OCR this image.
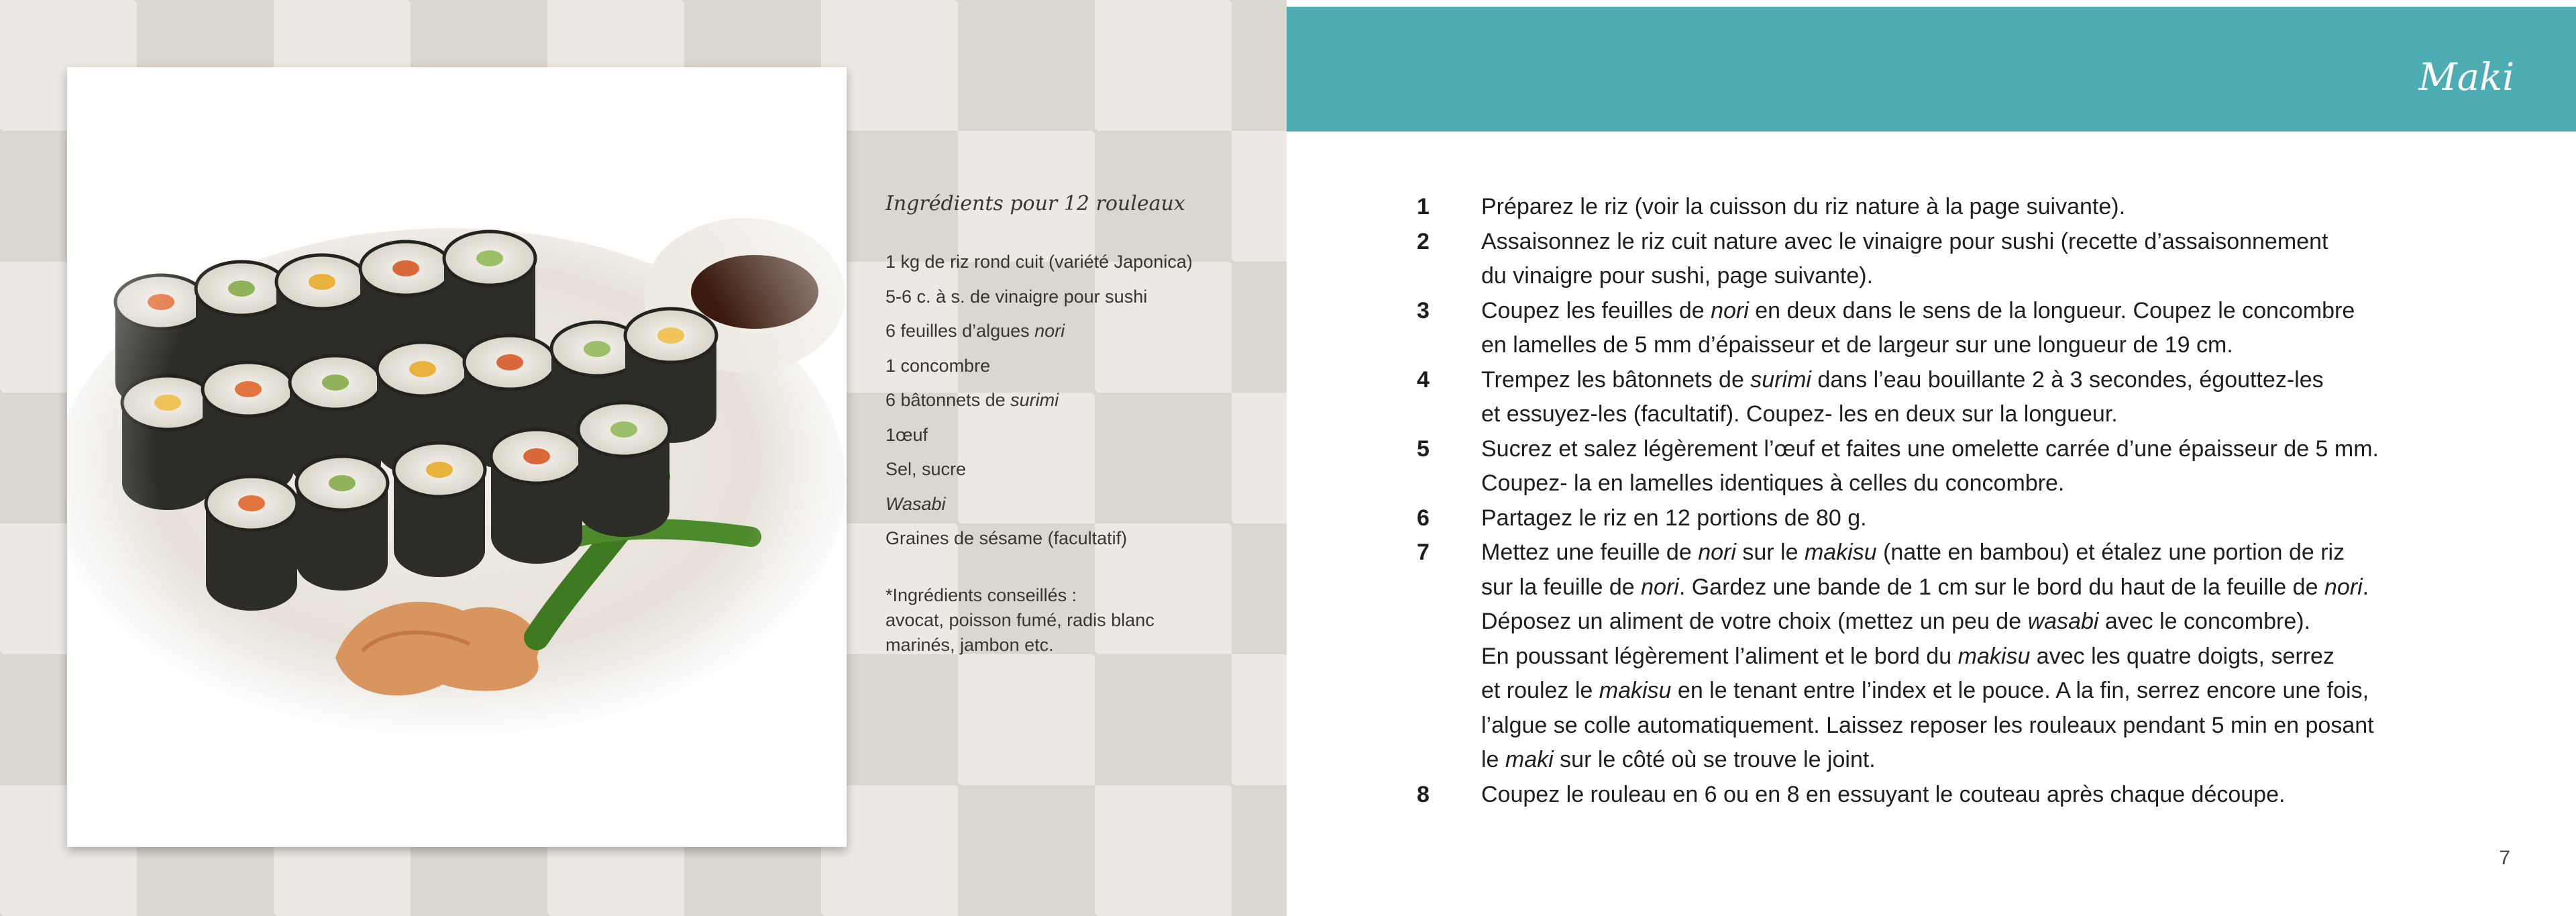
Ingrédients pour 12 rouleaux

1 kg de riz rond cuit (variété Japonica)
5-6 c. à s. de vinaigre pour sushi
6 feuilles d’algues nori
1 concombre
6 bâtonnets de surimi
1œuf
Sel, sucre
Wasabi
Graines de sésame (facultatif)
*Ingrédients conseillés :
avocat, poisson fumé, radis blanc
marinés, jambon etc.
Maki
1	Préparez le riz (voir la cuisson du riz nature à la page suivante).
2	Assaisonnez le riz cuit nature avec le vinaigre pour sushi (recette d’assaisonnement
du vinaigre pour sushi, page suivante).
3	Coupez les feuilles de nori en deux dans le sens de la longueur. Coupez le concombre
en lamelles de 5 mm d’épaisseur et de largeur sur une longueur de 19 cm.
4	Trempez les bâtonnets de surimi dans l’eau bouillante 2 à 3 secondes, égouttez-les
et essuyez-les (facultatif). Coupez- les en deux sur la longueur.
5	Sucrez et salez légèrement l’œuf et faites une omelette carrée d’une épaisseur de 5 mm.
Coupez- la en lamelles identiques à celles du concombre.
6	Partagez le riz en 12 portions de 80 g.
7	Mettez une feuille de nori sur le makisu (natte en bambou) et étalez une portion de riz
sur la feuille de nori. Gardez une bande de 1 cm sur le bord du haut de la feuille de nori.
Déposez un aliment de votre choix (mettez un peu de wasabi avec le concombre).
En poussant légèrement l’aliment et le bord du makisu avec les quatre doigts, serrez
et roulez le makisu en le tenant entre l’index et le pouce. A la fin, serrez encore une fois,
l’algue se colle automatiquement. Laissez reposer les rouleaux pendant 5 min en posant
le maki sur le côté où se trouve le joint.
8	Coupez le rouleau en 6 ou en 8 en essuyant le couteau après chaque découpe.
7
